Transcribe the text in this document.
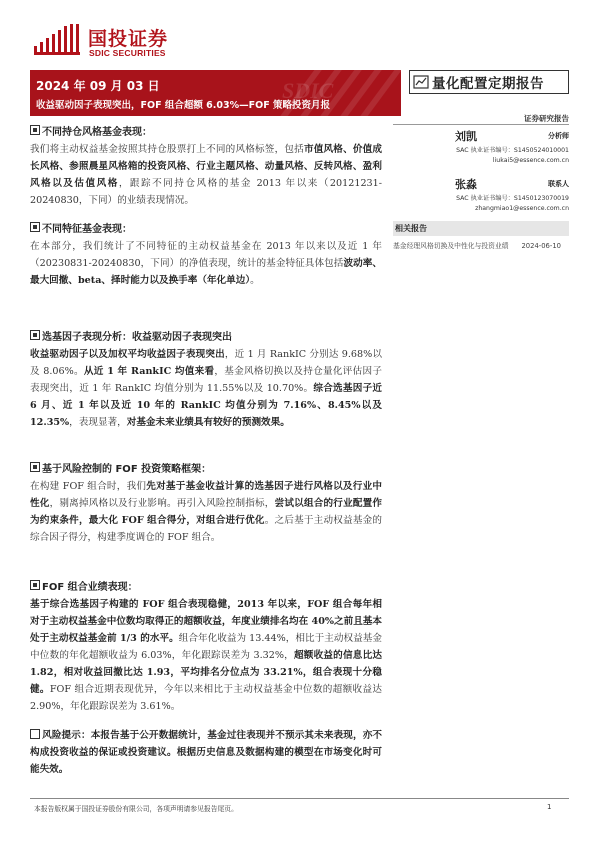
国投证券
SDIC SECURITIES
SDIC
2024 年 09 月 03 日
收益驱动因子表现突出，FOF 组合超额 6.03%—FOF 策略投资月报
量化配置定期报告
证券研究报告
刘凯	分析师
SAC 执业证书编号：S1450524010001
liukai5@essence.com.cn
张淼	联系人
SAC 执业证书编号：S1450123070019
zhangmiao1@essence.com.cn
相关报告
基金经理风格切换及中性化与投资业绩 2024-06-10
不同持仓风格基金表现：
我们将主动权益基金按照其持仓股票打上不同的风格标签，包括市值风格、价值成长风格、参照晨星风格箱的投资风格、行业主题风格、动量风格、反转风格、盈利风格以及估值风格，跟踪不同持仓风格的基金 2013 年以来（20121231-20240830，下同）的业绩表现情况。
不同特征基金表现：
在本部分，我们统计了不同特征的主动权益基金在 2013 年以来以及近 1 年（20230831-20240830，下同）的净值表现，统计的基金特征具体包括波动率、最大回撤、beta、择时能力以及换手率（年化单边）。
选基因子表现分析：收益驱动因子表现突出
收益驱动因子以及加权平均收益因子表现突出，近 1 月 RankIC 分别达 9.68%以及 8.06%。从近 1 年 RankIC 均值来看，基金风格切换以及持仓量化评估因子表现突出，近 1 年 RankIC 均值分别为 11.55%以及 10.70%。综合选基因子近 6 月、近 1 年以及近 10 年的 RankIC 均值分别为 7.16%、8.45%以及 12.35%，表现显著，对基金未来业绩具有较好的预测效果。
基于风险控制的 FOF 投资策略框架：
在构建 FOF 组合时，我们先对基于基金收益计算的选基因子进行风格以及行业中性化，剔离掉风格以及行业影响。再引入风险控制指标，尝试以组合的行业配置作为约束条件，最大化 FOF 组合得分，对组合进行优化。之后基于主动权益基金的综合因子得分，构建季度调仓的 FOF 组合。
FOF 组合业绩表现：
基于综合选基因子构建的 FOF 组合表现稳健，2013 年以来，FOF 组合每年相对于主动权益基金中位数均取得正的超额收益，年度业绩排名均在 40%之前且基本处于主动权益基金前 1/3 的水平。组合年化收益为 13.44%，相比于主动权益基金中位数的年化超额收益为 6.03%，年化跟踪误差为 3.32%，超额收益的信息比达 1.82，相对收益回撤比达 1.93，平均排名分位点为 33.21%，组合表现十分稳健。FOF 组合近期表现优异，今年以来相比于主动权益基金中位数的超额收益达 2.90%，年化跟踪误差为 3.61%。
风险提示：本报告基于公开数据统计，基金过往表现并不预示其未来表现，亦不构成投资收益的保证或投资建议。根据历史信息及数据构建的模型在市场变化时可能失效。
本报告版权属于国投证券股份有限公司，各项声明请参见报告尾页。	1
